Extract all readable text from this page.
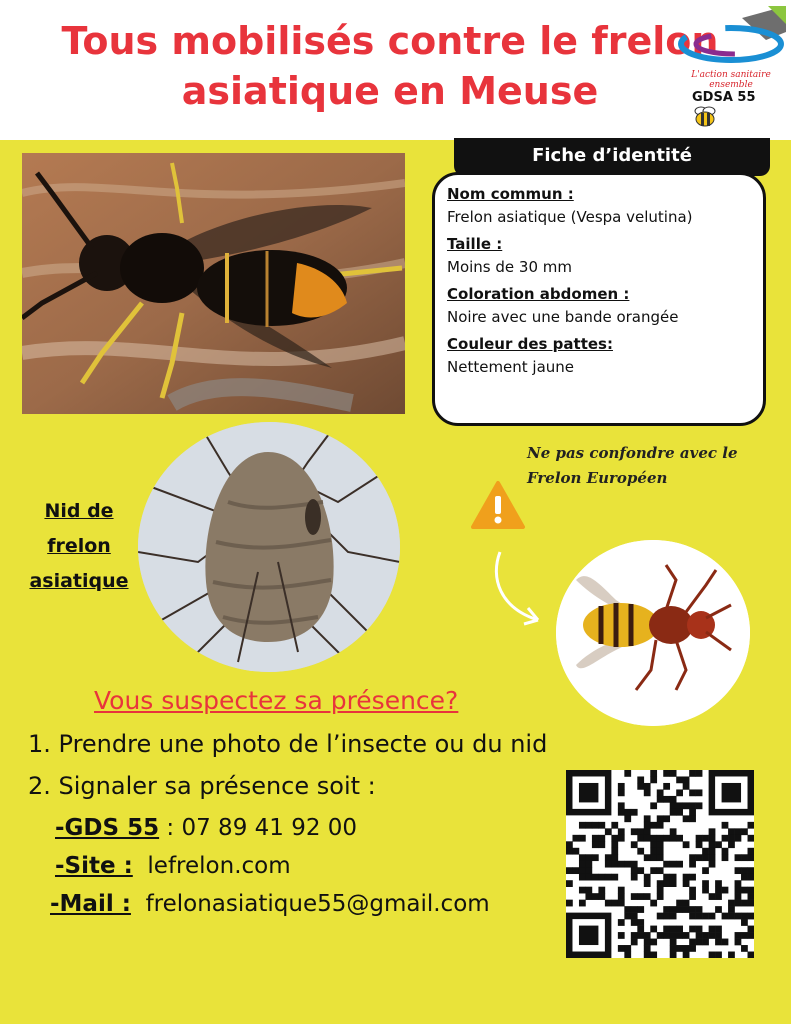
Tous mobilisés contre le frelon asiatique en Meuse	L'action sanitaire ensemble
GDSA 55
Fiche d’identité
Nom commun :
Frelon asiatique (Vespa velutina)
Taille :
Moins de 30 mm
Coloration abdomen :
Noire avec une bande orangée
Couleur des pattes:
Nettement jaune
Nid de frelon asiatique
Ne pas confondre avec le Frelon Européen
Vous suspectez sa présence?
1. Prendre une photo de l’insecte ou du nid
2. Signaler sa présence soit :
-GDS 55 : 07 89 41 92 00
-Site : lefrelon.com
-Mail : frelonasiatique55@gmail.com
